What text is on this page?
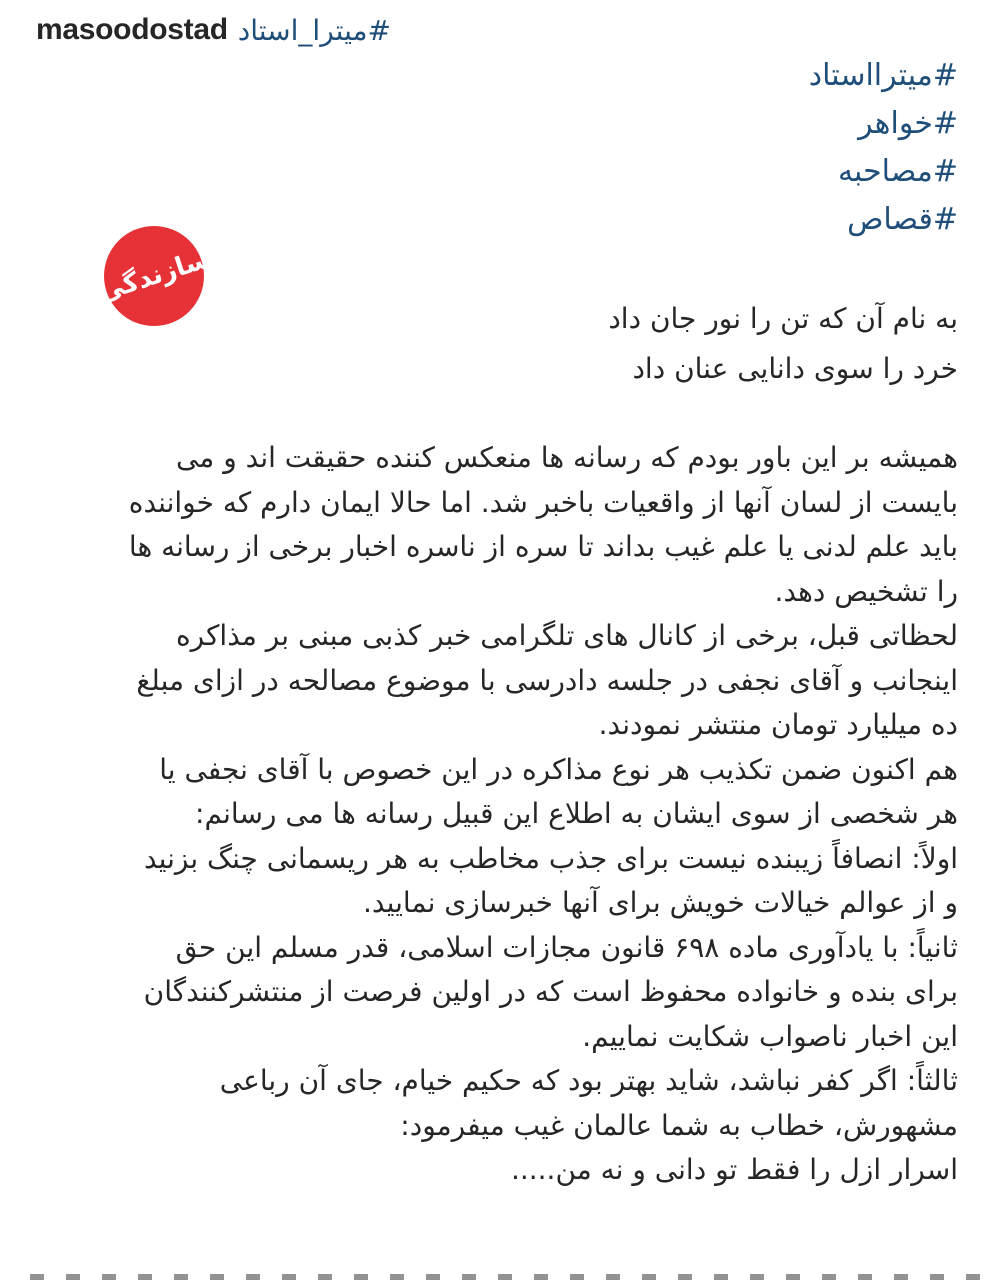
masoodostad #میترا_استاد
#میترااستاد
#خواهر
#مصاحبه
#قصاص
سازندگی
به نام آن که تن را نور جان داد
خرد را سوی دانایی عنان داد
همیشه بر این باور بودم که رسانه ها منعکس کننده حقیقت اند و می
بایست از لسان آنها از واقعیات باخبر شد. اما حالا ایمان دارم که خواننده
باید علم لدنی یا علم غیب بداند تا سره از ناسره اخبار برخی از رسانه ها
را تشخیص دهد.
لحظاتی قبل، برخی از کانال های تلگرامی خبر کذبی مبنی بر مذاکره
اینجانب و آقای نجفی در جلسه دادرسی با موضوع مصالحه در ازای مبلغ
ده میلیارد تومان منتشر نمودند.
هم اکنون ضمن تکذیب هر نوع مذاکره در این خصوص با آقای نجفی یا
هر شخصی از سوی ایشان به اطلاع این قبیل رسانه ها می رسانم:
اولاً: انصافاً زیبنده نیست برای جذب مخاطب به هر ریسمانی چنگ بزنید
و از عوالم خیالات خویش برای آنها خبرسازی نمایید.
ثانیاً: با یادآوری ماده ۶۹۸ قانون مجازات اسلامی، قدر مسلم این حق
برای بنده و خانواده محفوظ است که در اولین فرصت از منتشرکنندگان
این اخبار ناصواب شکایت نماییم.
ثالثاً: اگر کفر نباشد، شاید بهتر بود که حکیم خیام، جای آن رباعی
مشهورش، خطاب به شما عالمان غیب میفرمود:
اسرار ازل را فقط تو دانی و نه من.....
